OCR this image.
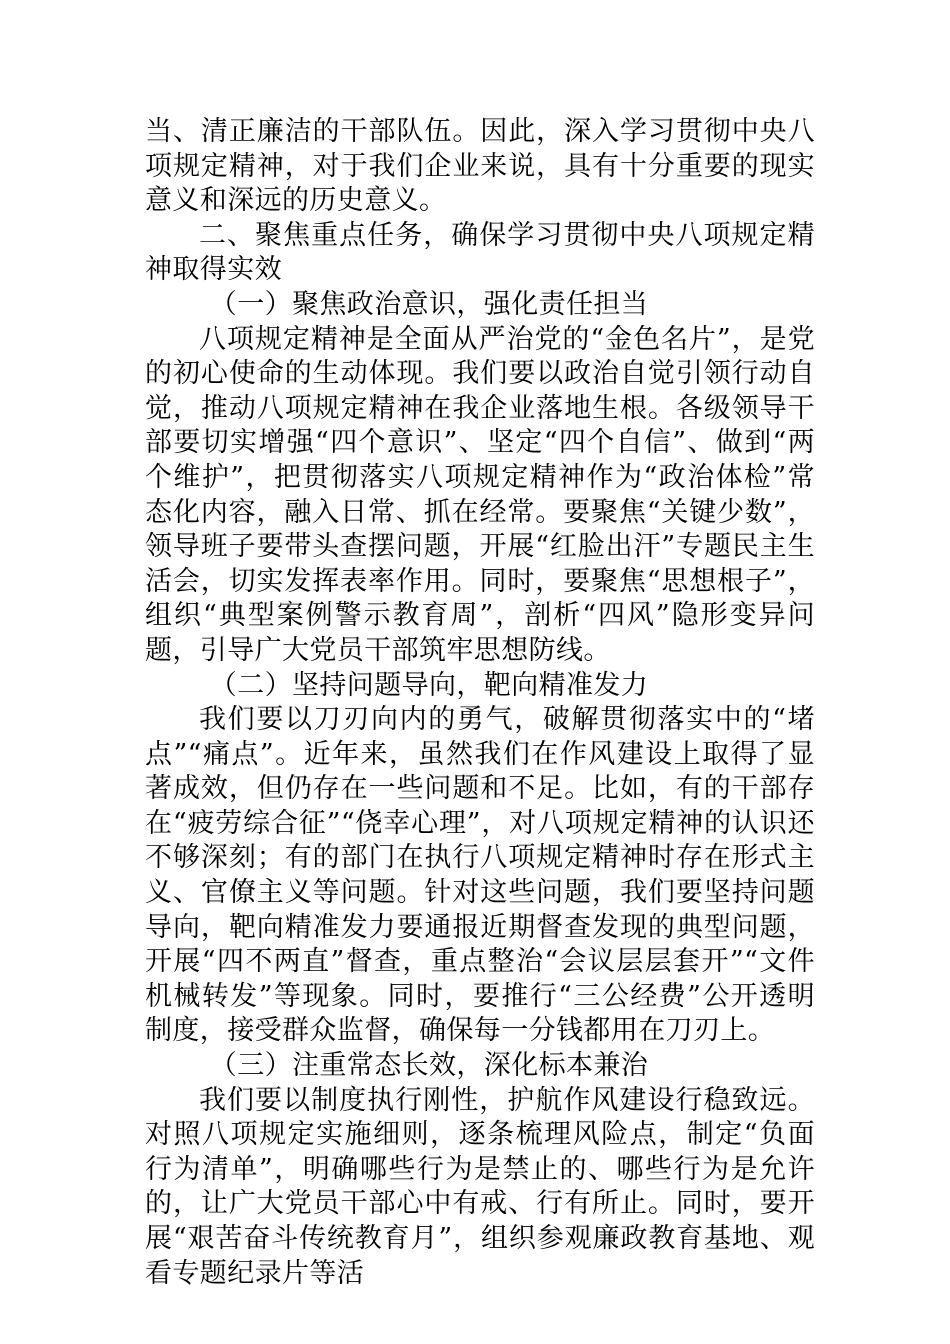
当、清正廉洁的干部队伍。因此，深入学习贯彻中央八项规定精神，对于我们企业来说，具有十分重要的现实意义和深远的历史意义。

二、聚焦重点任务，确保学习贯彻中央八项规定精神取得实效

（一）聚焦政治意识，强化责任担当

八项规定精神是全面从严治党的“金色名片”，是党的初心使命的生动体现。我们要以政治自觉引领行动自觉，推动八项规定精神在我企业落地生根。各级领导干部要切实增强“四个意识”、坚定“四个自信”、做到“两个维护”，把贯彻落实八项规定精神作为“政治体检”常态化内容，融入日常、抓在经常。要聚焦“关键少数”，领导班子要带头查摆问题，开展“红脸出汗”专题民主生活会，切实发挥表率作用。同时，要聚焦“思想根子”，组织“典型案例警示教育周”，剖析“四风”隐形变异问题，引导广大党员干部筑牢思想防线。

（二）坚持问题导向，靶向精准发力

我们要以刀刃向内的勇气，破解贯彻落实中的“堵点”“痛点”。近年来，虽然我们在作风建设上取得了显著成效，但仍存在一些问题和不足。比如，有的干部存在“疲劳综合征”“侥幸心理”，对八项规定精神的认识还不够深刻；有的部门在执行八项规定精神时存在形式主义、官僚主义等问题。针对这些问题，我们要坚持问题导向，靶向精准发力要通报近期督查发现的典型问题，开展“四不两直”督查，重点整治“会议层层套开”“文件机械转发”等现象。同时，要推行“三公经费”公开透明制度，接受群众监督，确保每一分钱都用在刀刃上。

（三）注重常态长效，深化标本兼治

我们要以制度执行刚性，护航作风建设行稳致远。对照八项规定实施细则，逐条梳理风险点，制定“负面行为清单”，明确哪些行为是禁止的、哪些行为是允许的，让广大党员干部心中有戒、行有所止。同时，要开展“艰苦奋斗传统教育月”，组织参观廉政教育基地、观看专题纪录片等活
